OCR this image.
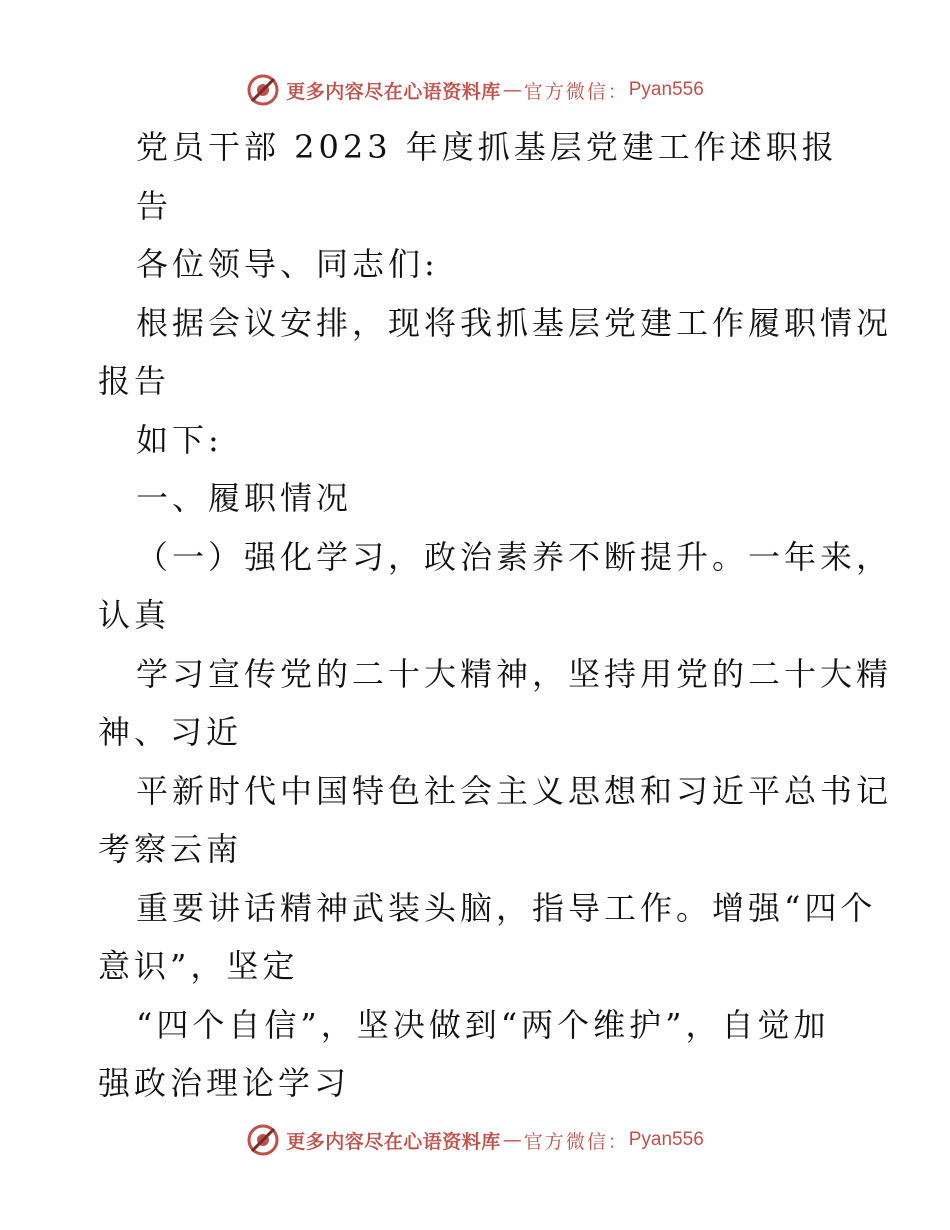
更多内容尽在心语资料库 — 官方微信： Pyan556
党员干部 2023 年度抓基层党建工作述职报
告
各位领导、同志们:
根据会议安排，现将我抓基层党建工作履职情况
报告
如下:
一、履职情况
（一）强化学习，政治素养不断提升。一年来，
认真
学习宣传党的二十大精神，坚持用党的二十大精
神、习近
平新时代中国特色社会主义思想和习近平总书记
考察云南
重要讲话精神武装头脑，指导工作。增强“四个
意识”，坚定
“四个自信”，坚决做到“两个维护”，自觉加
强政治理论学习
更多内容尽在心语资料库 — 官方微信： Pyan556
